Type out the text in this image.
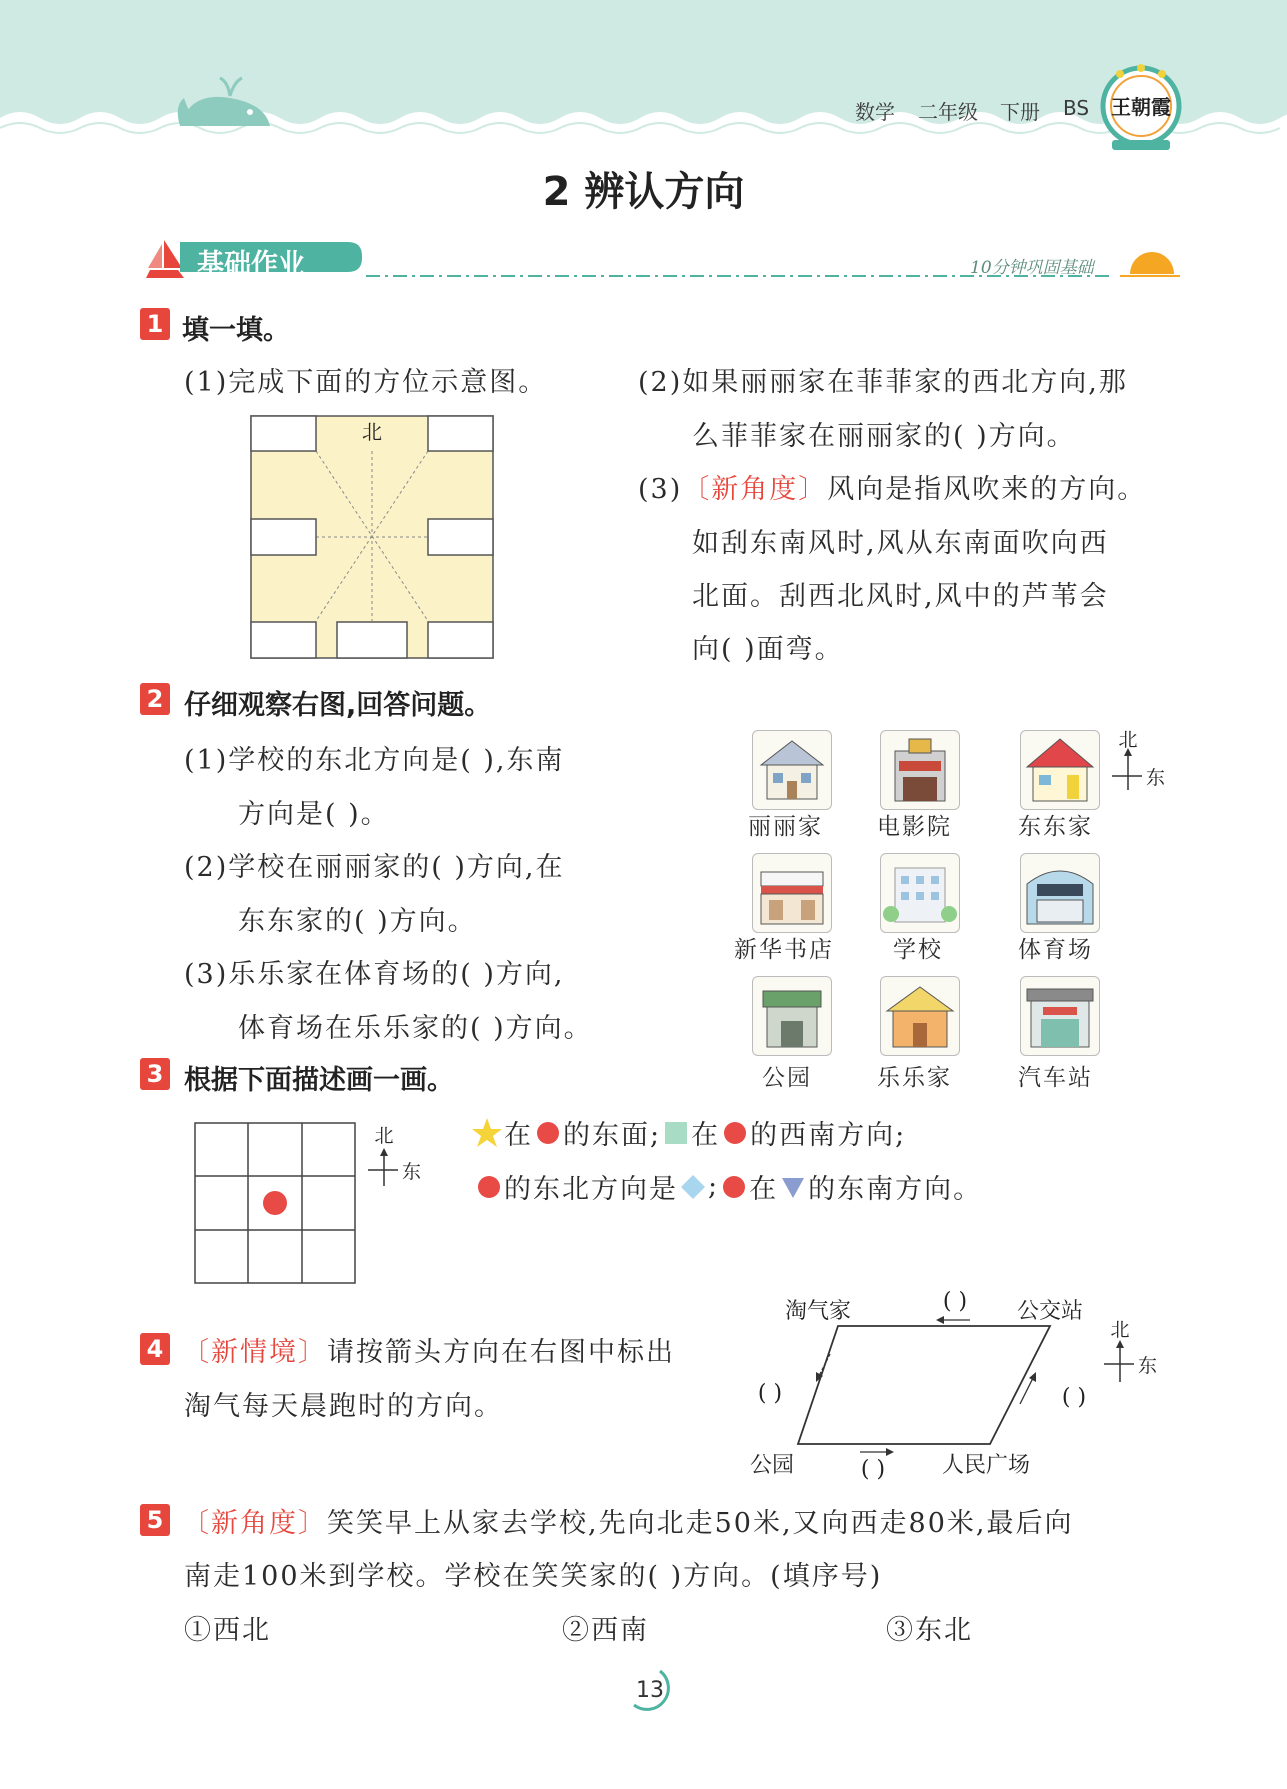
数学 二年级 下册 BS 王朝霞
2 辨认方向
基础作业	10分钟巩固基础
1 填一填。
(1)完成下面的方位示意图。
北
(2)如果丽丽家在菲菲家的西北方向,那
么菲菲家在丽丽家的( )方向。
(3)〔新角度〕风向是指风吹来的方向。
如刮东南风时,风从东南面吹向西
北面。刮西北风时,风中的芦苇会
向( )面弯。
2 仔细观察右图,回答问题。
(1)学校的东北方向是( ),东南
方向是( )。
(2)学校在丽丽家的( )方向,在
东东家的( )方向。
(3)乐乐家在体育场的( )方向,
体育场在乐乐家的( )方向。
丽丽家 电影院	东东家
新华书店	学校	体育场
公园	乐乐家	汽车站
北
东
3 根据下面描述画一画。
北
东
在 的东面; 在 的西南方向;
的东北方向是 ; 在 的东南方向。
4 〔新情境〕请按箭头方向在右图中标出
淘气每天晨跑时的方向。
淘气家	( ) 公交站
( )	( )
公园	( )	人民广场
北
东
5 〔新角度〕笑笑早上从家去学校,先向北走50米,又向西走80米,最后向
南走100米到学校。学校在笑笑家的( )方向。(填序号)
①西北	②西南	③东北
13
